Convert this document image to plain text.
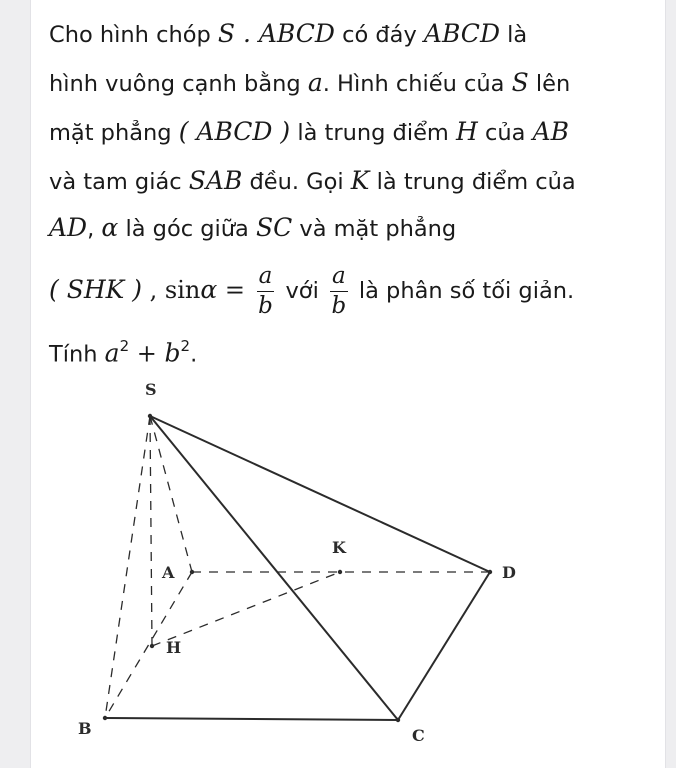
Cho hình chóp S . ABCD có đáy ABCD là
hình vuông cạnh bằng a. Hình chiếu của S lên
mặt phẳng ( ABCD ) là trung điểm H của AB
và tam giác SAB đều. Gọi K là trung điểm của
AD, α là góc giữa SC và mặt phẳng
( SHK ) , $\sin\alpha = \frac{a}{b}$ với $\frac{a}{b}$ là phân số tối giản.
Tính $a^2 + b^2$.
S
A
H
B	C
D
K
